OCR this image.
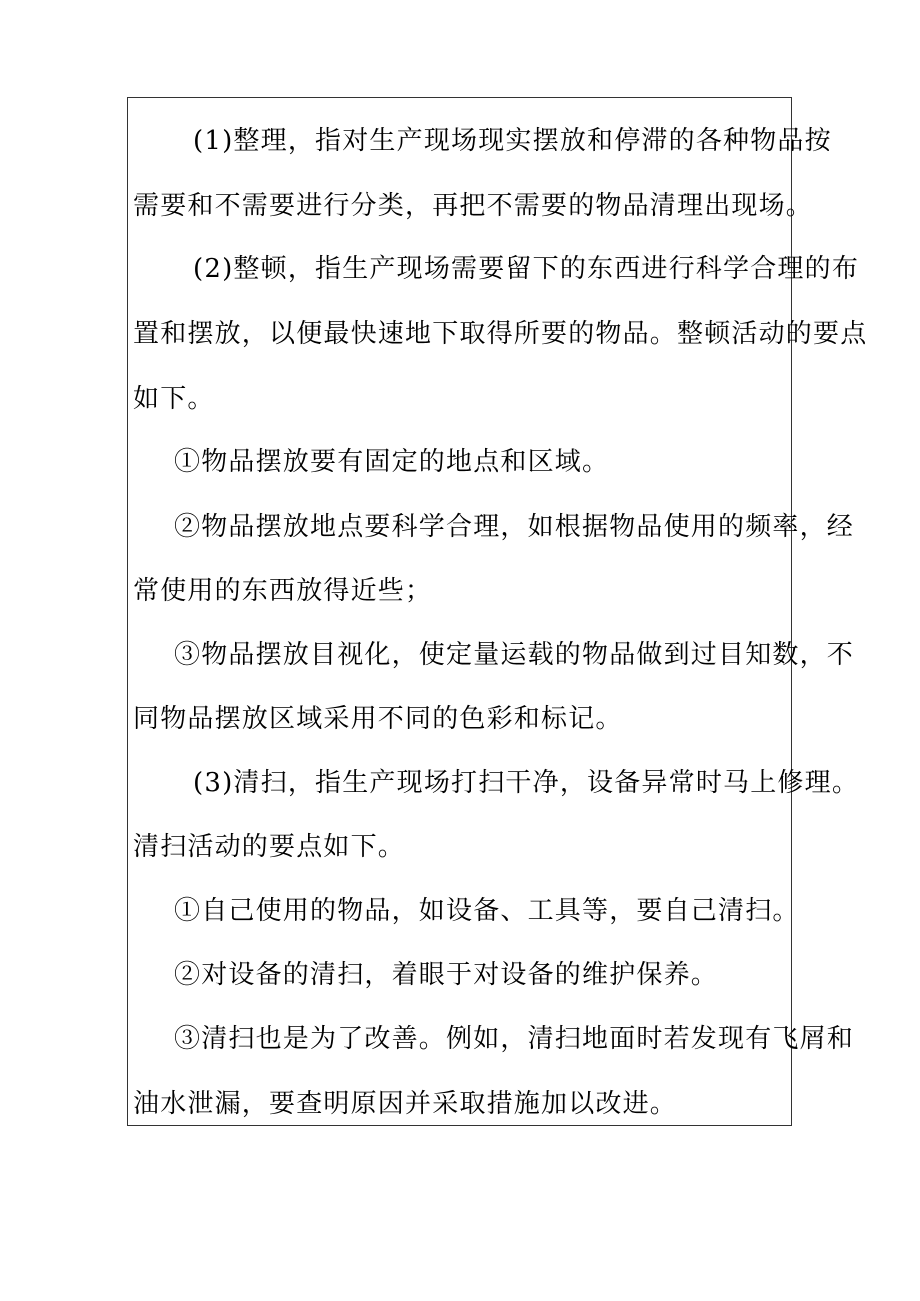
(1)整理，指对生产现场现实摆放和停滞的各种物品按
需要和不需要进行分类，再把不需要的物品清理出现场。
(2)整顿，指生产现场需要留下的东西进行科学合理的布
置和摆放，以便最快速地下取得所要的物品。整顿活动的要点
如下。
①物品摆放要有固定的地点和区域。
②物品摆放地点要科学合理，如根据物品使用的频率，经
常使用的东西放得近些；
③物品摆放目视化，使定量运载的物品做到过目知数，不
同物品摆放区域采用不同的色彩和标记。
(3)清扫，指生产现场打扫干净，设备异常时马上修理。
清扫活动的要点如下。
①自己使用的物品，如设备、工具等，要自己清扫。
②对设备的清扫，着眼于对设备的维护保养。
③清扫也是为了改善。例如，清扫地面时若发现有飞屑和
油水泄漏，要查明原因并采取措施加以改进。
